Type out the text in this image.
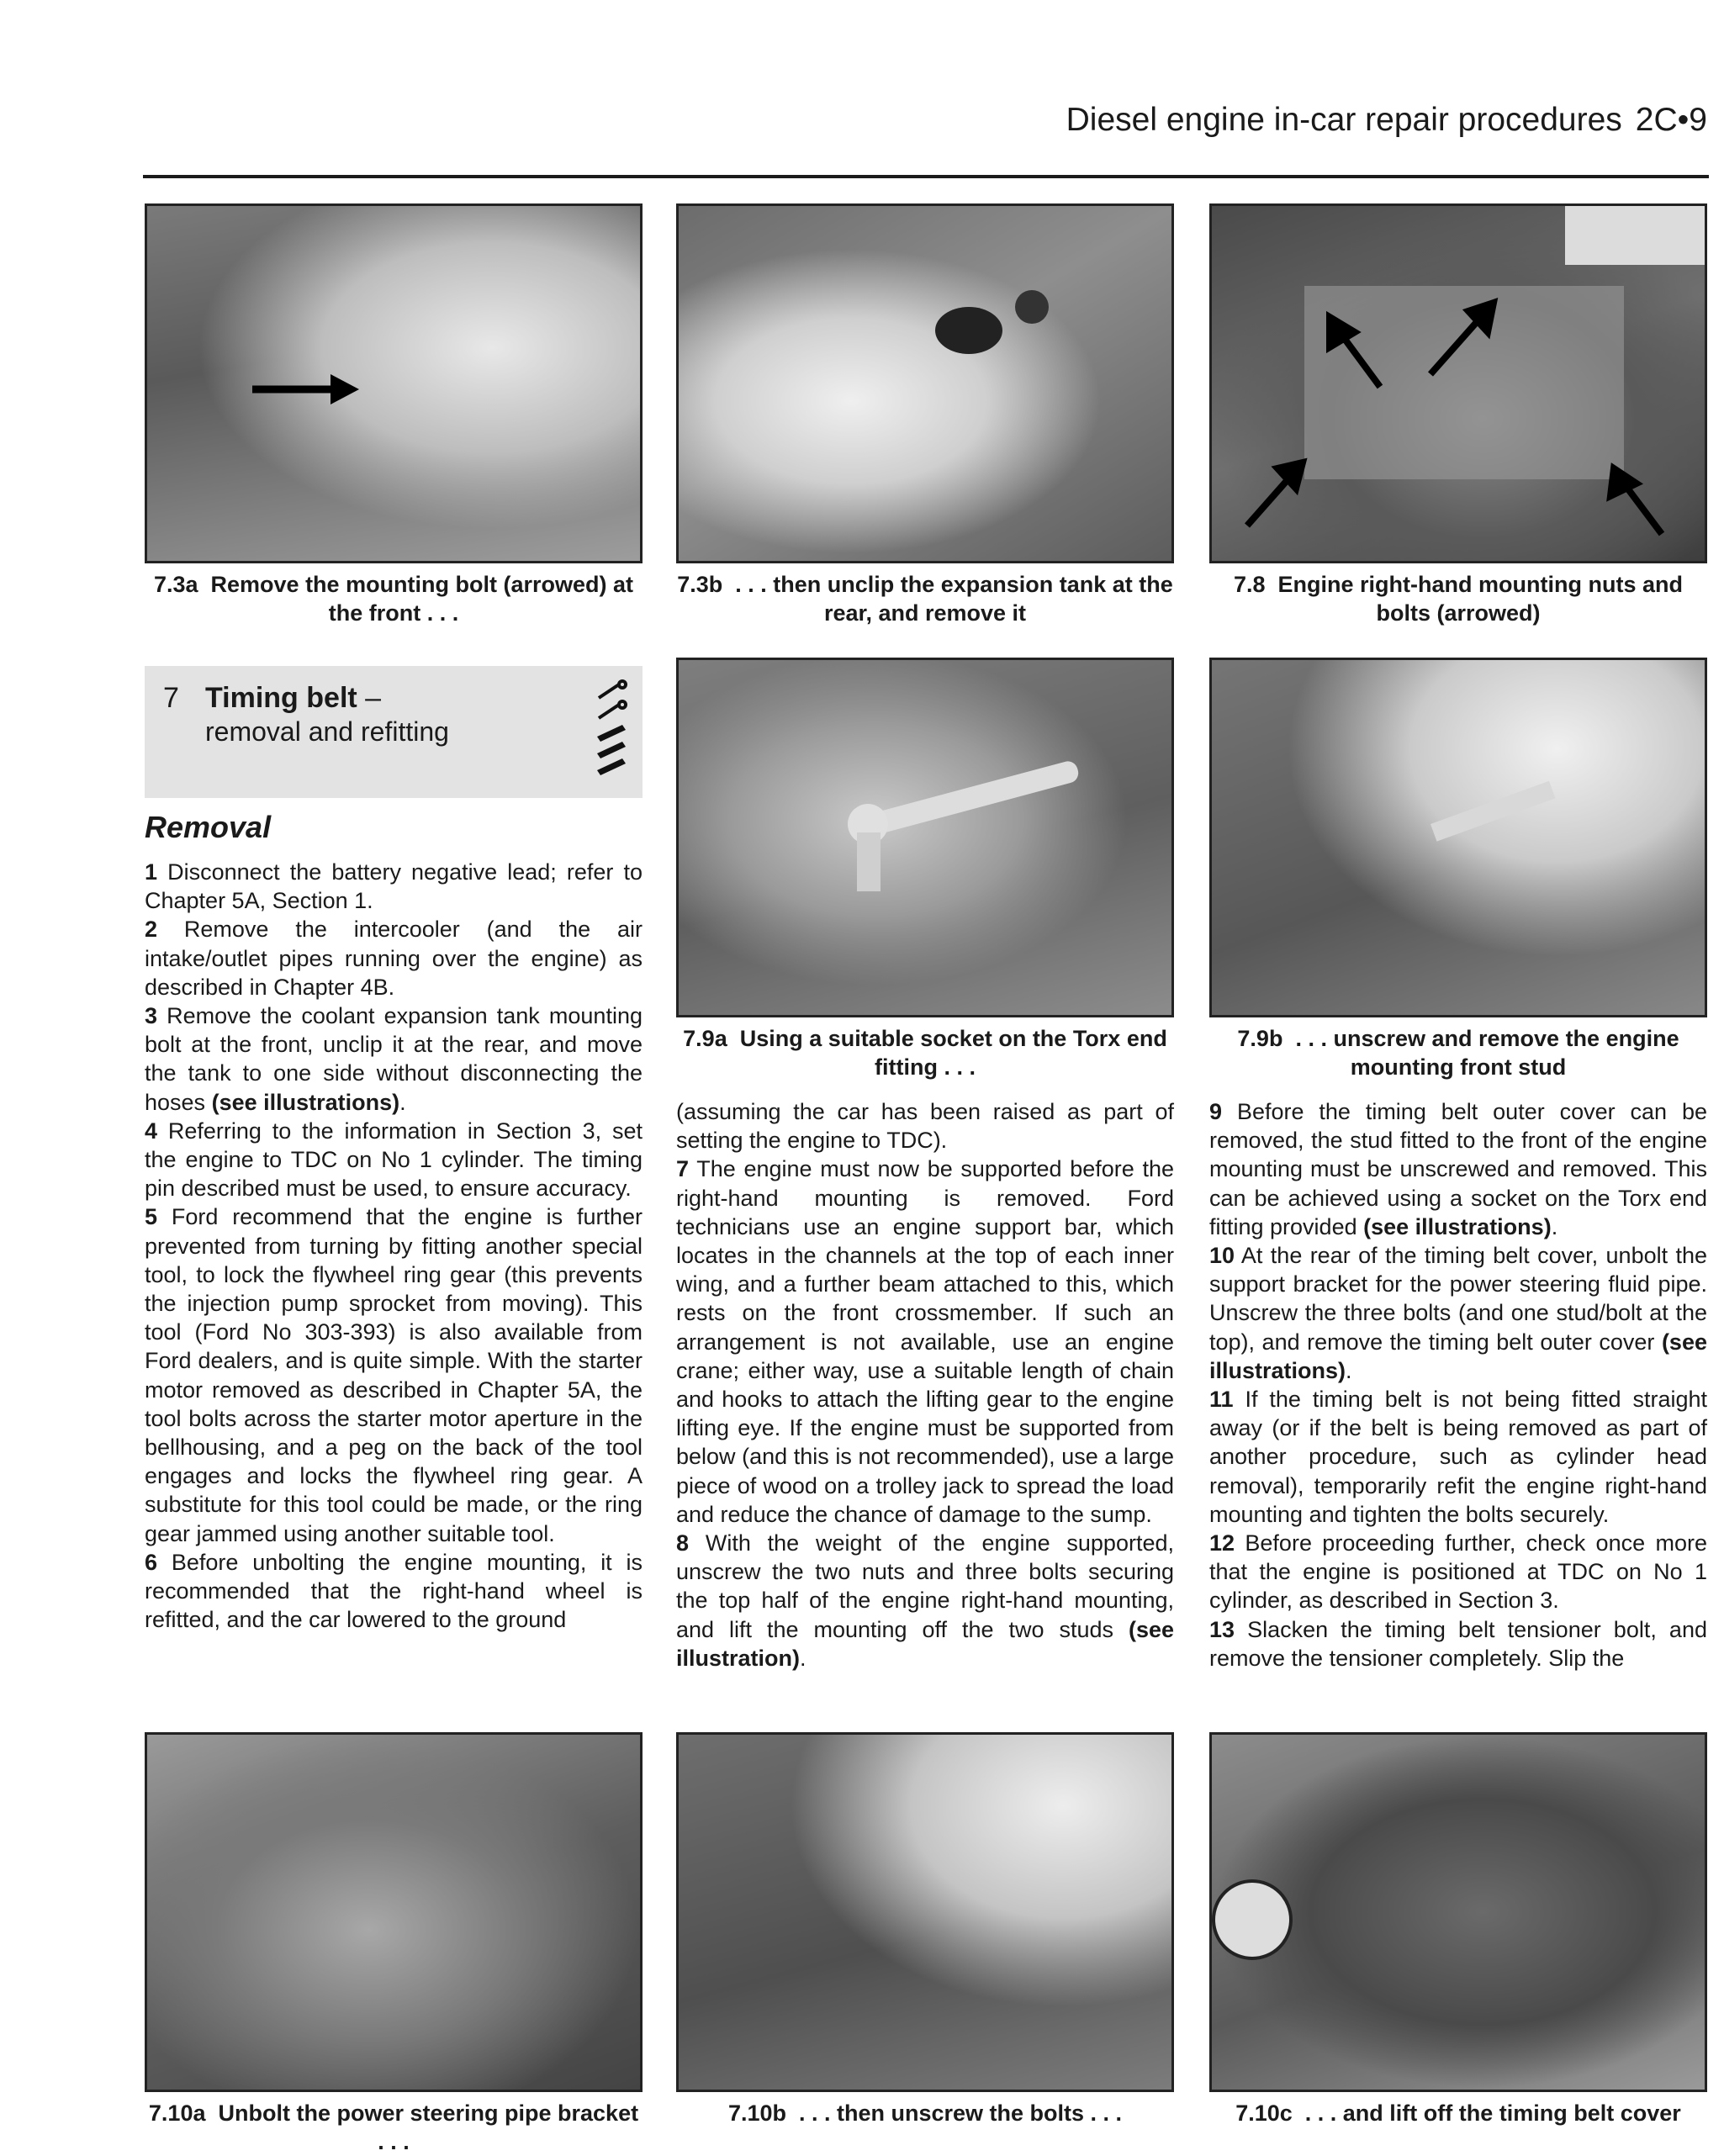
Diesel engine in-car repair procedures 2C•9
7.3a Remove the mounting bolt (arrowed) at the front . . .
7.3b . . . then unclip the expansion tank at the rear, and remove it
7.8 Engine right-hand mounting nuts and bolts (arrowed)
7 Timing belt –
removal and refitting
Removal

1 Disconnect the battery negative lead; refer to Chapter 5A, Section 1.

2 Remove the intercooler (and the air intake/outlet pipes running over the engine) as described in Chapter 4B.

3 Remove the coolant expansion tank mounting bolt at the front, unclip it at the rear, and move the tank to one side without disconnecting the hoses (see illustrations).

4 Referring to the information in Section 3, set the engine to TDC on No 1 cylinder. The timing pin described must be used, to ensure accuracy.

5 Ford recommend that the engine is further prevented from turning by fitting another special tool, to lock the flywheel ring gear (this prevents the injection pump sprocket from moving). This tool (Ford No 303-393) is also available from Ford dealers, and is quite simple. With the starter motor removed as described in Chapter 5A, the tool bolts across the starter motor aperture in the bellhousing, and a peg on the back of the tool engages and locks the flywheel ring gear. A substitute for this tool could be made, or the ring gear jammed using another suitable tool.

6 Before unbolting the engine mounting, it is recommended that the right-hand wheel is refitted, and the car lowered to the ground

7.9a Using a suitable socket on the Torx end fitting . . .
7.9b . . . unscrew and remove the engine mounting front stud

(assuming the car has been raised as part of setting the engine to TDC).

7 The engine must now be supported before the right-hand mounting is removed. Ford technicians use an engine support bar, which locates in the channels at the top of each inner wing, and a further beam attached to this, which rests on the front crossmember. If such an arrangement is not available, use an engine crane; either way, use a suitable length of chain and hooks to attach the lifting gear to the engine lifting eye. If the engine must be supported from below (and this is not recommended), use a large piece of wood on a trolley jack to spread the load and reduce the chance of damage to the sump.

8 With the weight of the engine supported, unscrew the two nuts and three bolts securing the top half of the engine right-hand mounting, and lift the mounting off the two studs (see illustration).

9 Before the timing belt outer cover can be removed, the stud fitted to the front of the engine mounting must be unscrewed and removed. This can be achieved using a socket on the Torx end fitting provided (see illustrations).

10 At the rear of the timing belt cover, unbolt the support bracket for the power steering fluid pipe. Unscrew the three bolts (and one stud/bolt at the top), and remove the timing belt outer cover (see illustrations).

11 If the timing belt is not being fitted straight away (or if the belt is being removed as part of another procedure, such as cylinder head removal), temporarily refit the engine right-hand mounting and tighten the bolts securely.

12 Before proceeding further, check once more that the engine is positioned at TDC on No 1 cylinder, as described in Section 3.

13 Slacken the timing belt tensioner bolt, and remove the tensioner completely. Slip the

7.10a Unbolt the power steering pipe bracket . . .
7.10b . . . then unscrew the bolts . . .	7.10c . . . and lift off the timing belt cover
